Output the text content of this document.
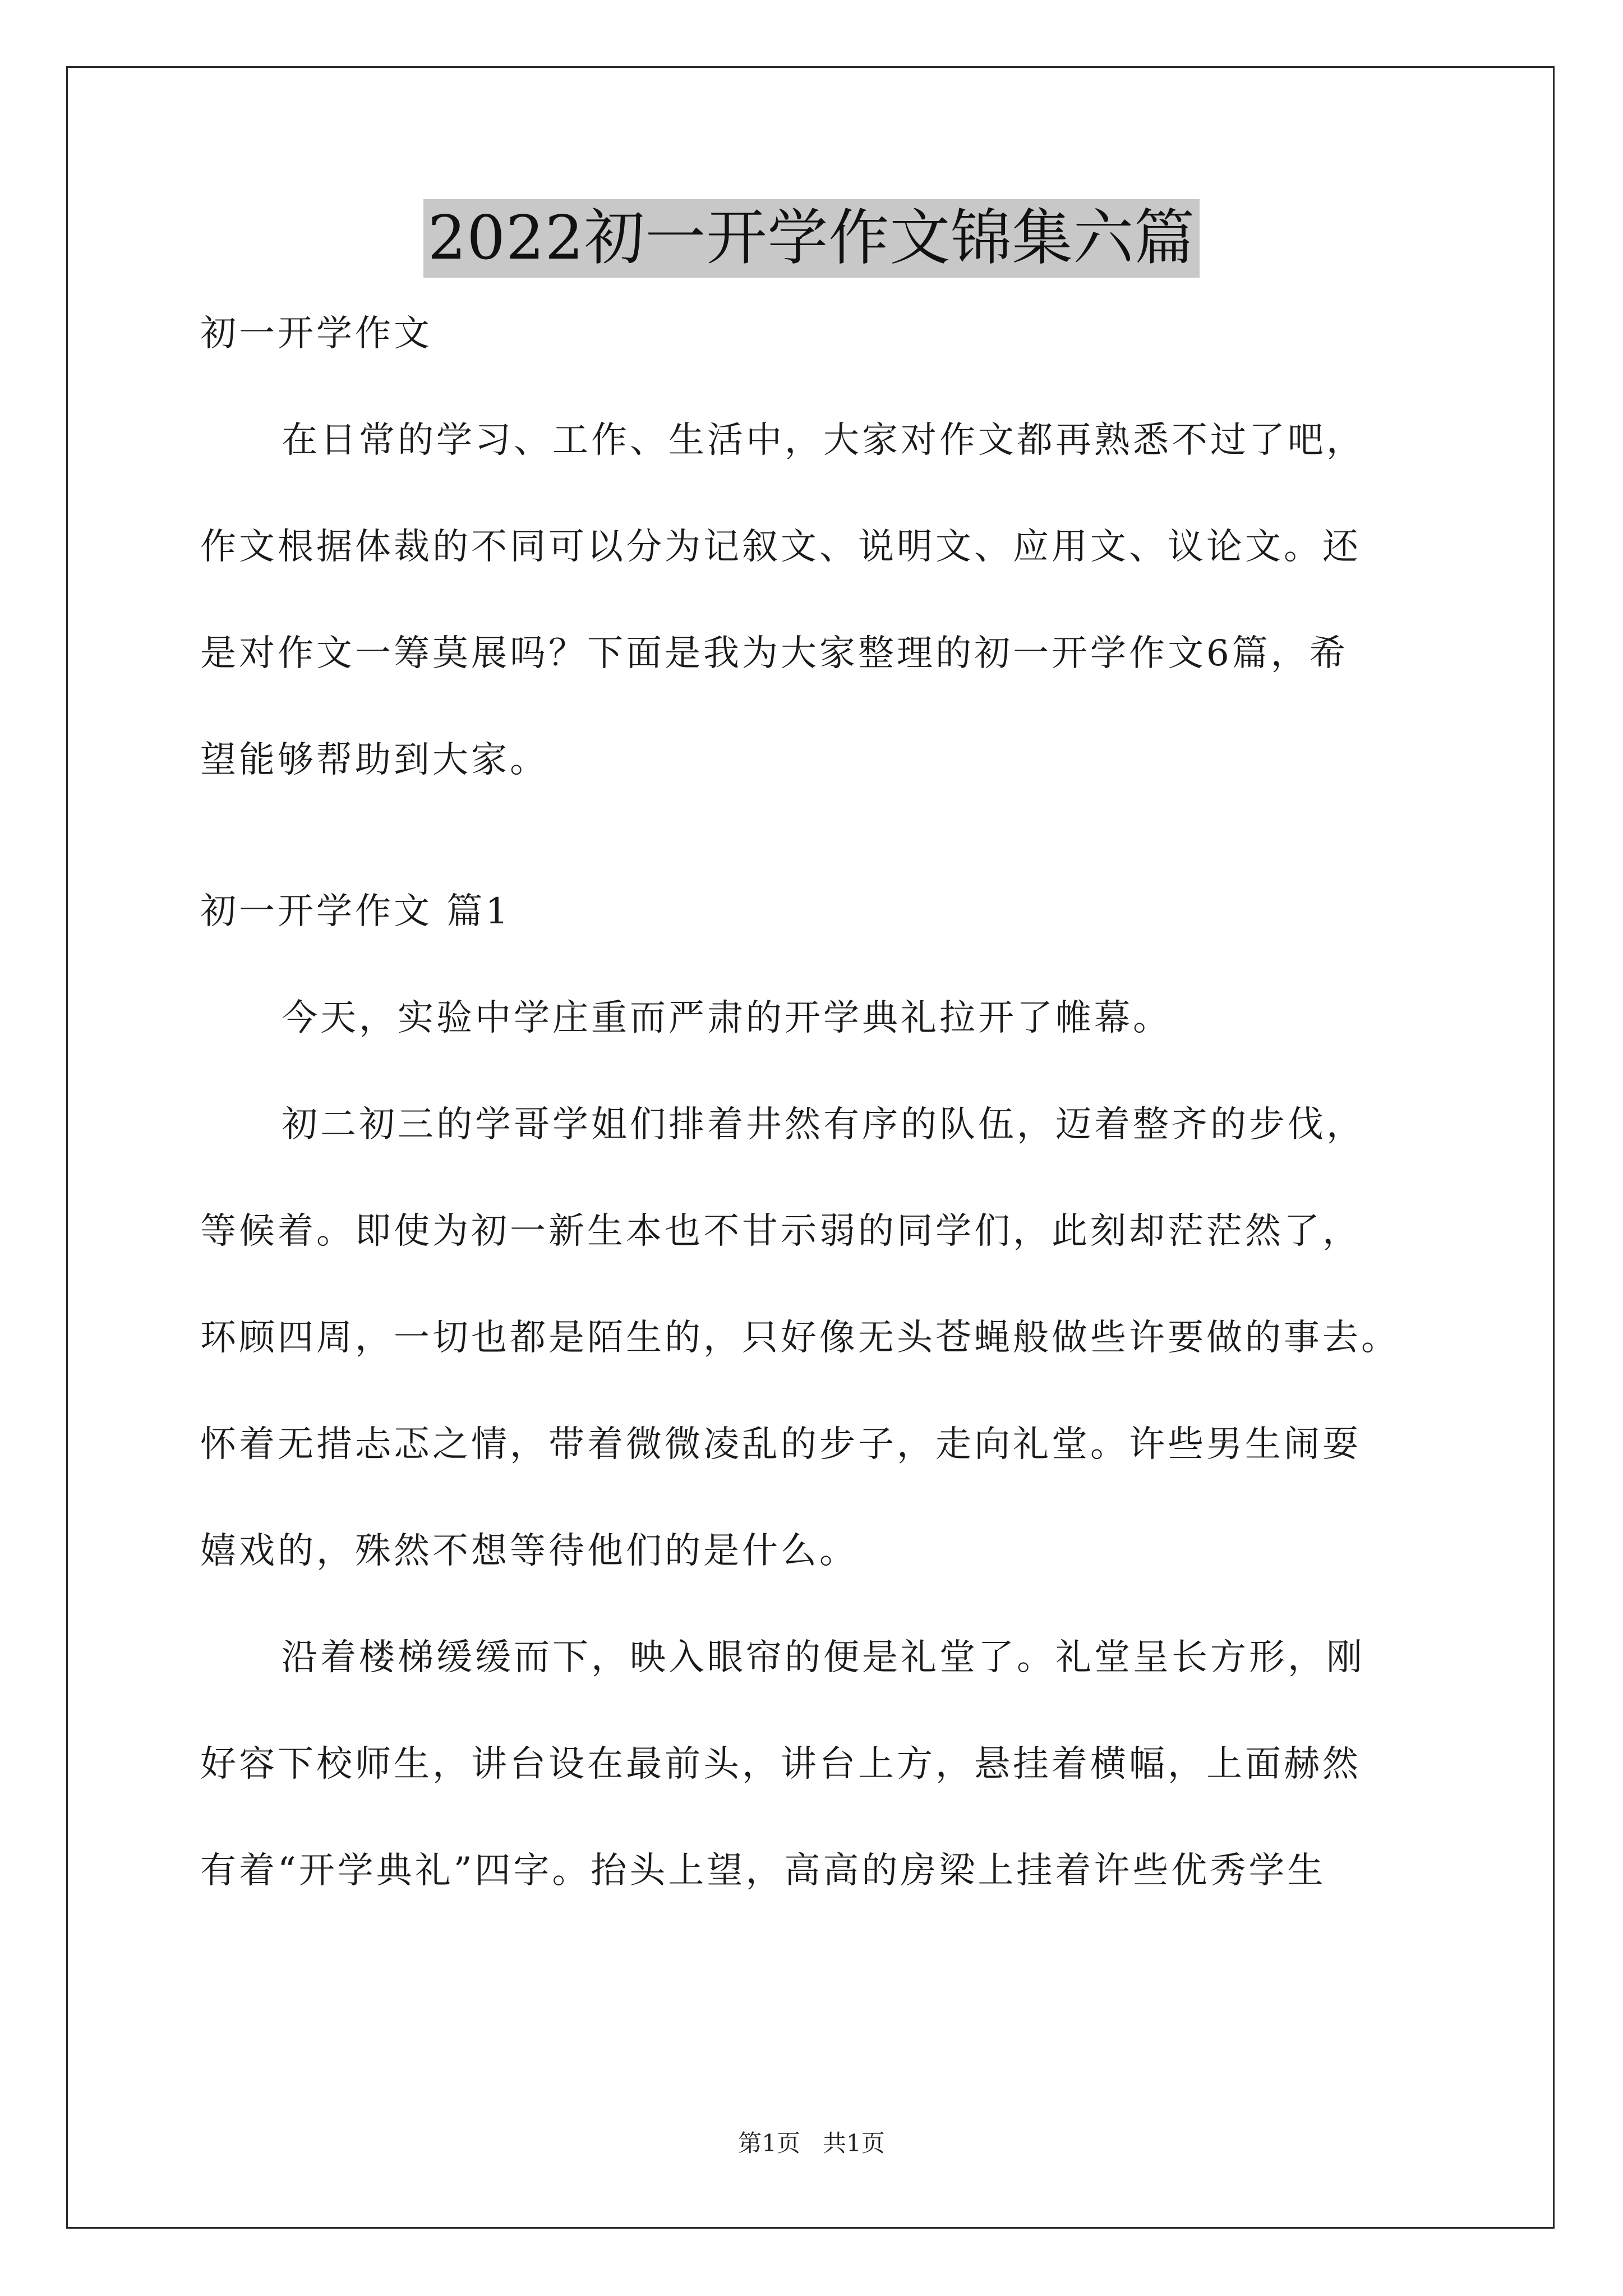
2022初一开学作文锦集六篇
初一开学作文
在日常的学习、工作、生活中，大家对作文都再熟悉不过了吧，
作文根据体裁的不同可以分为记叙文、说明文、应用文、议论文。还
是对作文一筹莫展吗？下面是我为大家整理的初一开学作文6篇，希
望能够帮助到大家。
初一开学作文 篇1
今天，实验中学庄重而严肃的开学典礼拉开了帷幕。
初二初三的学哥学姐们排着井然有序的队伍，迈着整齐的步伐，
等候着。即使为初一新生本也不甘示弱的同学们，此刻却茫茫然了，
环顾四周，一切也都是陌生的，只好像无头苍蝇般做些许要做的事去。
怀着无措忐忑之情，带着微微凌乱的步子，走向礼堂。许些男生闹耍
嬉戏的，殊然不想等待他们的是什么。
沿着楼梯缓缓而下，映入眼帘的便是礼堂了。礼堂呈长方形，刚
好容下校师生，讲台设在最前头，讲台上方，悬挂着横幅，上面赫然
有着“开学典礼”四字。抬头上望，高高的房梁上挂着许些优秀学生
第1页 共1页
